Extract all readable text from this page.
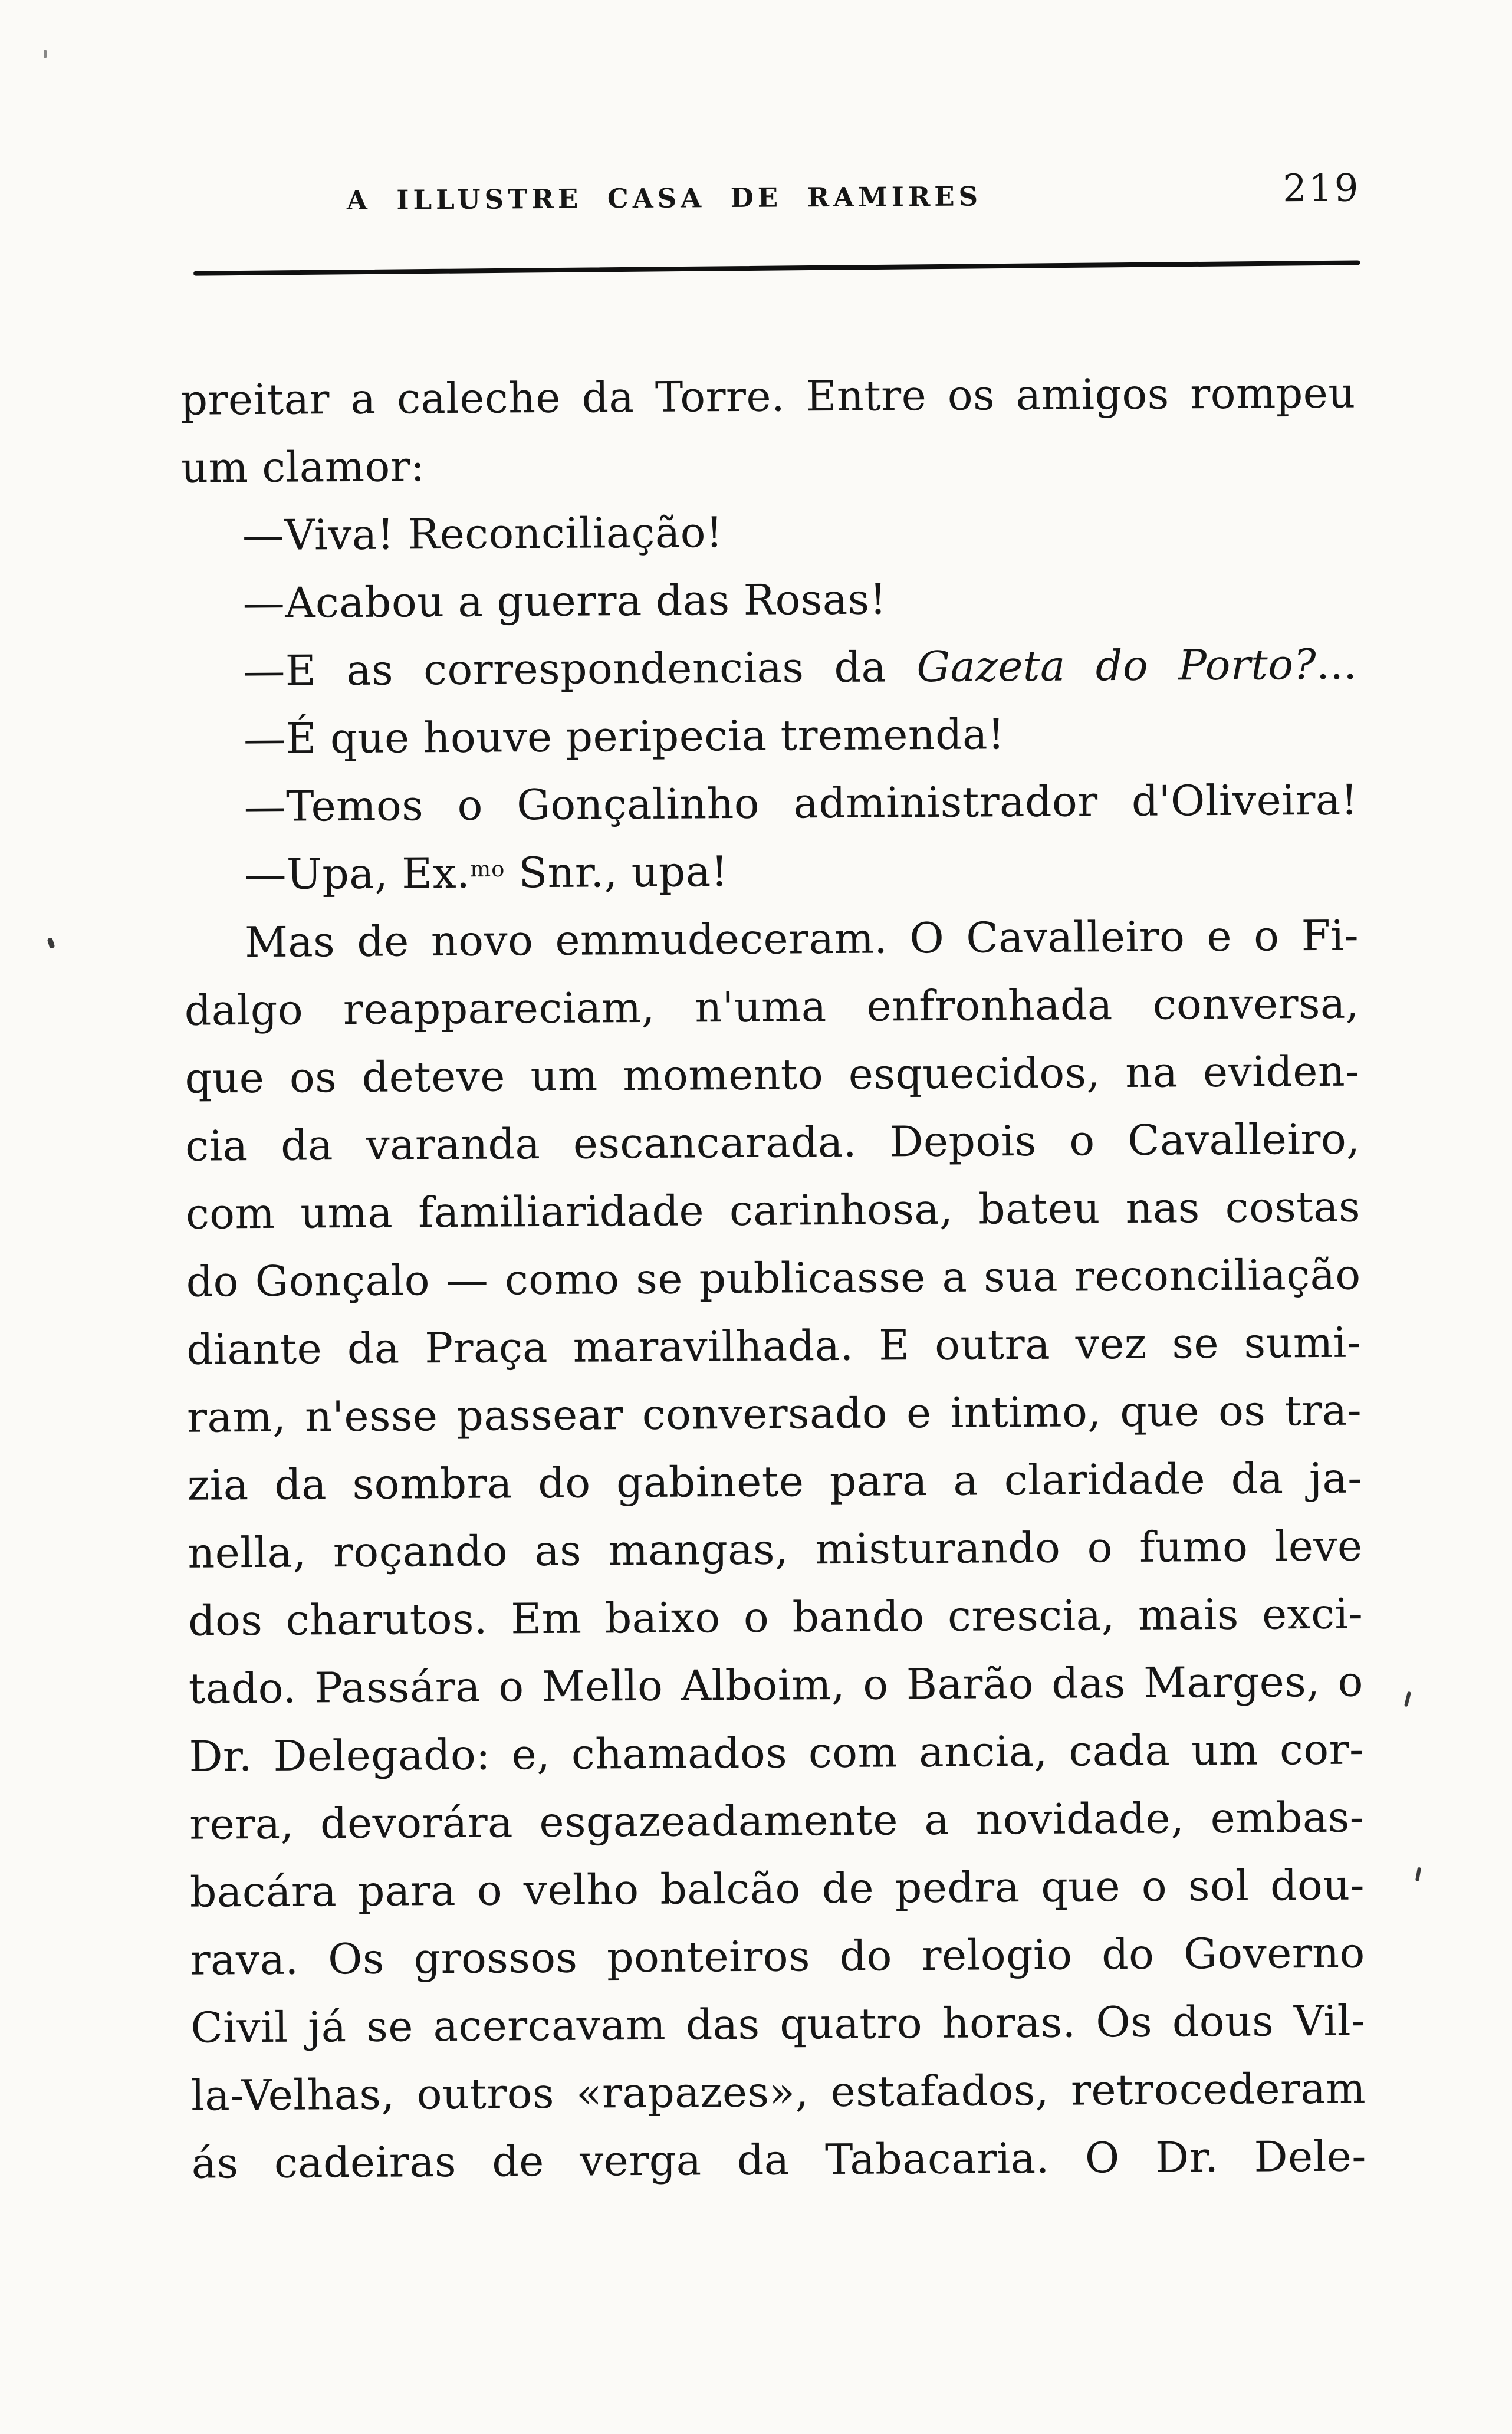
A ILLUSTRE CASA DE RAMIRES	219
preitar a caleche da Torre. Entre os amigos rompeu
um clamor:
—Viva! Reconciliação!
—Acabou a guerra das Rosas!
—E as correspondencias da Gazeta do Porto?...
—É que houve peripecia tremenda!
—Temos o Gonçalinho administrador d'Oliveira!
—Upa, Ex.$^{mo}$ Snr., upa!
Mas de novo emmudeceram. O Cavalleiro e o Fi-
dalgo reappareciam, n'uma enfronhada conversa,
que os deteve um momento esquecidos, na eviden-
cia da varanda escancarada. Depois o Cavalleiro,
com uma familiaridade carinhosa, bateu nas costas
do Gonçalo — como se publicasse a sua reconciliação
diante da Praça maravilhada. E outra vez se sumi-
ram, n'esse passear conversado e intimo, que os tra-
zia da sombra do gabinete para a claridade da ja-
nella, roçando as mangas, misturando o fumo leve
dos charutos. Em baixo o bando crescia, mais exci-
tado. Passára o Mello Alboim, o Barão das Marges, o
Dr. Delegado: e, chamados com ancia, cada um cor-
rera, devorára esgazeadamente a novidade, embas-
bacára para o velho balcão de pedra que o sol dou-
rava. Os grossos ponteiros do relogio do Governo
Civil já se acercavam das quatro horas. Os dous Vil-
la-Velhas, outros «rapazes», estafados, retrocederam
ás cadeiras de verga da Tabacaria. O Dr. Dele-
